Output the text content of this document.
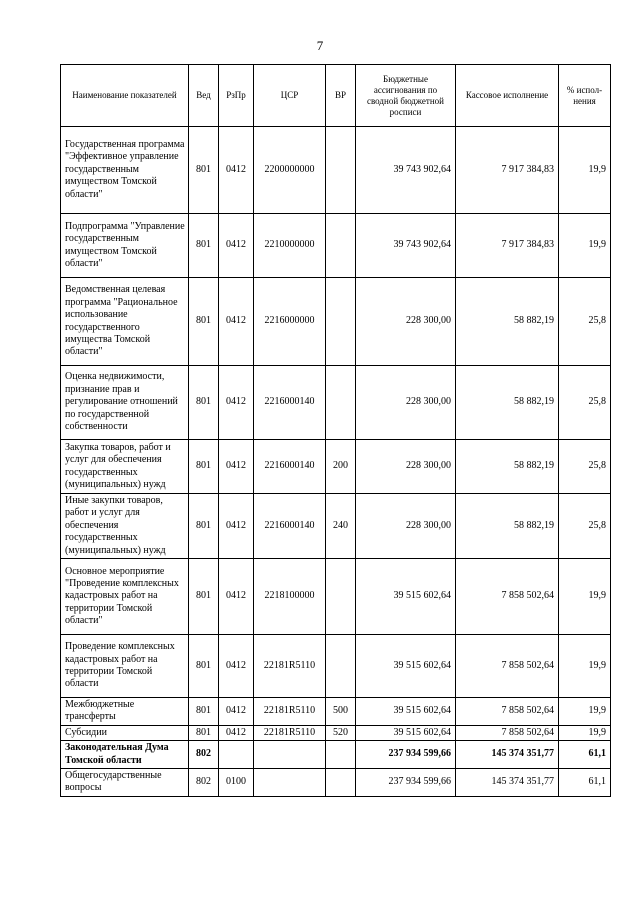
7
Наименование показателей	Вед	РзПр	ЦСР	ВР	Бюджетные ассигнования по сводной бюджетной росписи	Кассовое исполнение	% испол-нения
Государственная программа "Эффективное управление государственным имуществом Томской области"	801	0412	2200000000		39 743 902,64	7 917 384,83	19,9
Подпрограмма "Управление государственным имуществом Томской области"	801	0412	2210000000		39 743 902,64	7 917 384,83	19,9
Ведомственная целевая программа "Рациональное использование государственного имущества Томской области"	801	0412	2216000000		228 300,00	58 882,19	25,8
Оценка недвижимости, признание прав и регулирование отношений по государственной собственности	801	0412	2216000140		228 300,00	58 882,19	25,8
Закупка товаров, работ и услуг для обеспечения государственных (муниципальных) нужд	801	0412	2216000140	200	228 300,00	58 882,19	25,8
Иные закупки товаров, работ и услуг для обеспечения государственных (муниципальных) нужд	801	0412	2216000140	240	228 300,00	58 882,19	25,8
Основное мероприятие "Проведение комплексных кадастровых работ на территории Томской области"	801	0412	2218100000		39 515 602,64	7 858 502,64	19,9
Проведение комплексных кадастровых работ на территории Томской области	801	0412	22181R5110		39 515 602,64	7 858 502,64	19,9
Межбюджетные трансферты	801	0412	22181R5110	500	39 515 602,64	7 858 502,64	19,9
Субсидии	801	0412	22181R5110	520	39 515 602,64	7 858 502,64	19,9
Законодательная Дума Томской области	802				237 934 599,66	145 374 351,77	61,1
Общегосударственные вопросы	802	0100			237 934 599,66	145 374 351,77	61,1
